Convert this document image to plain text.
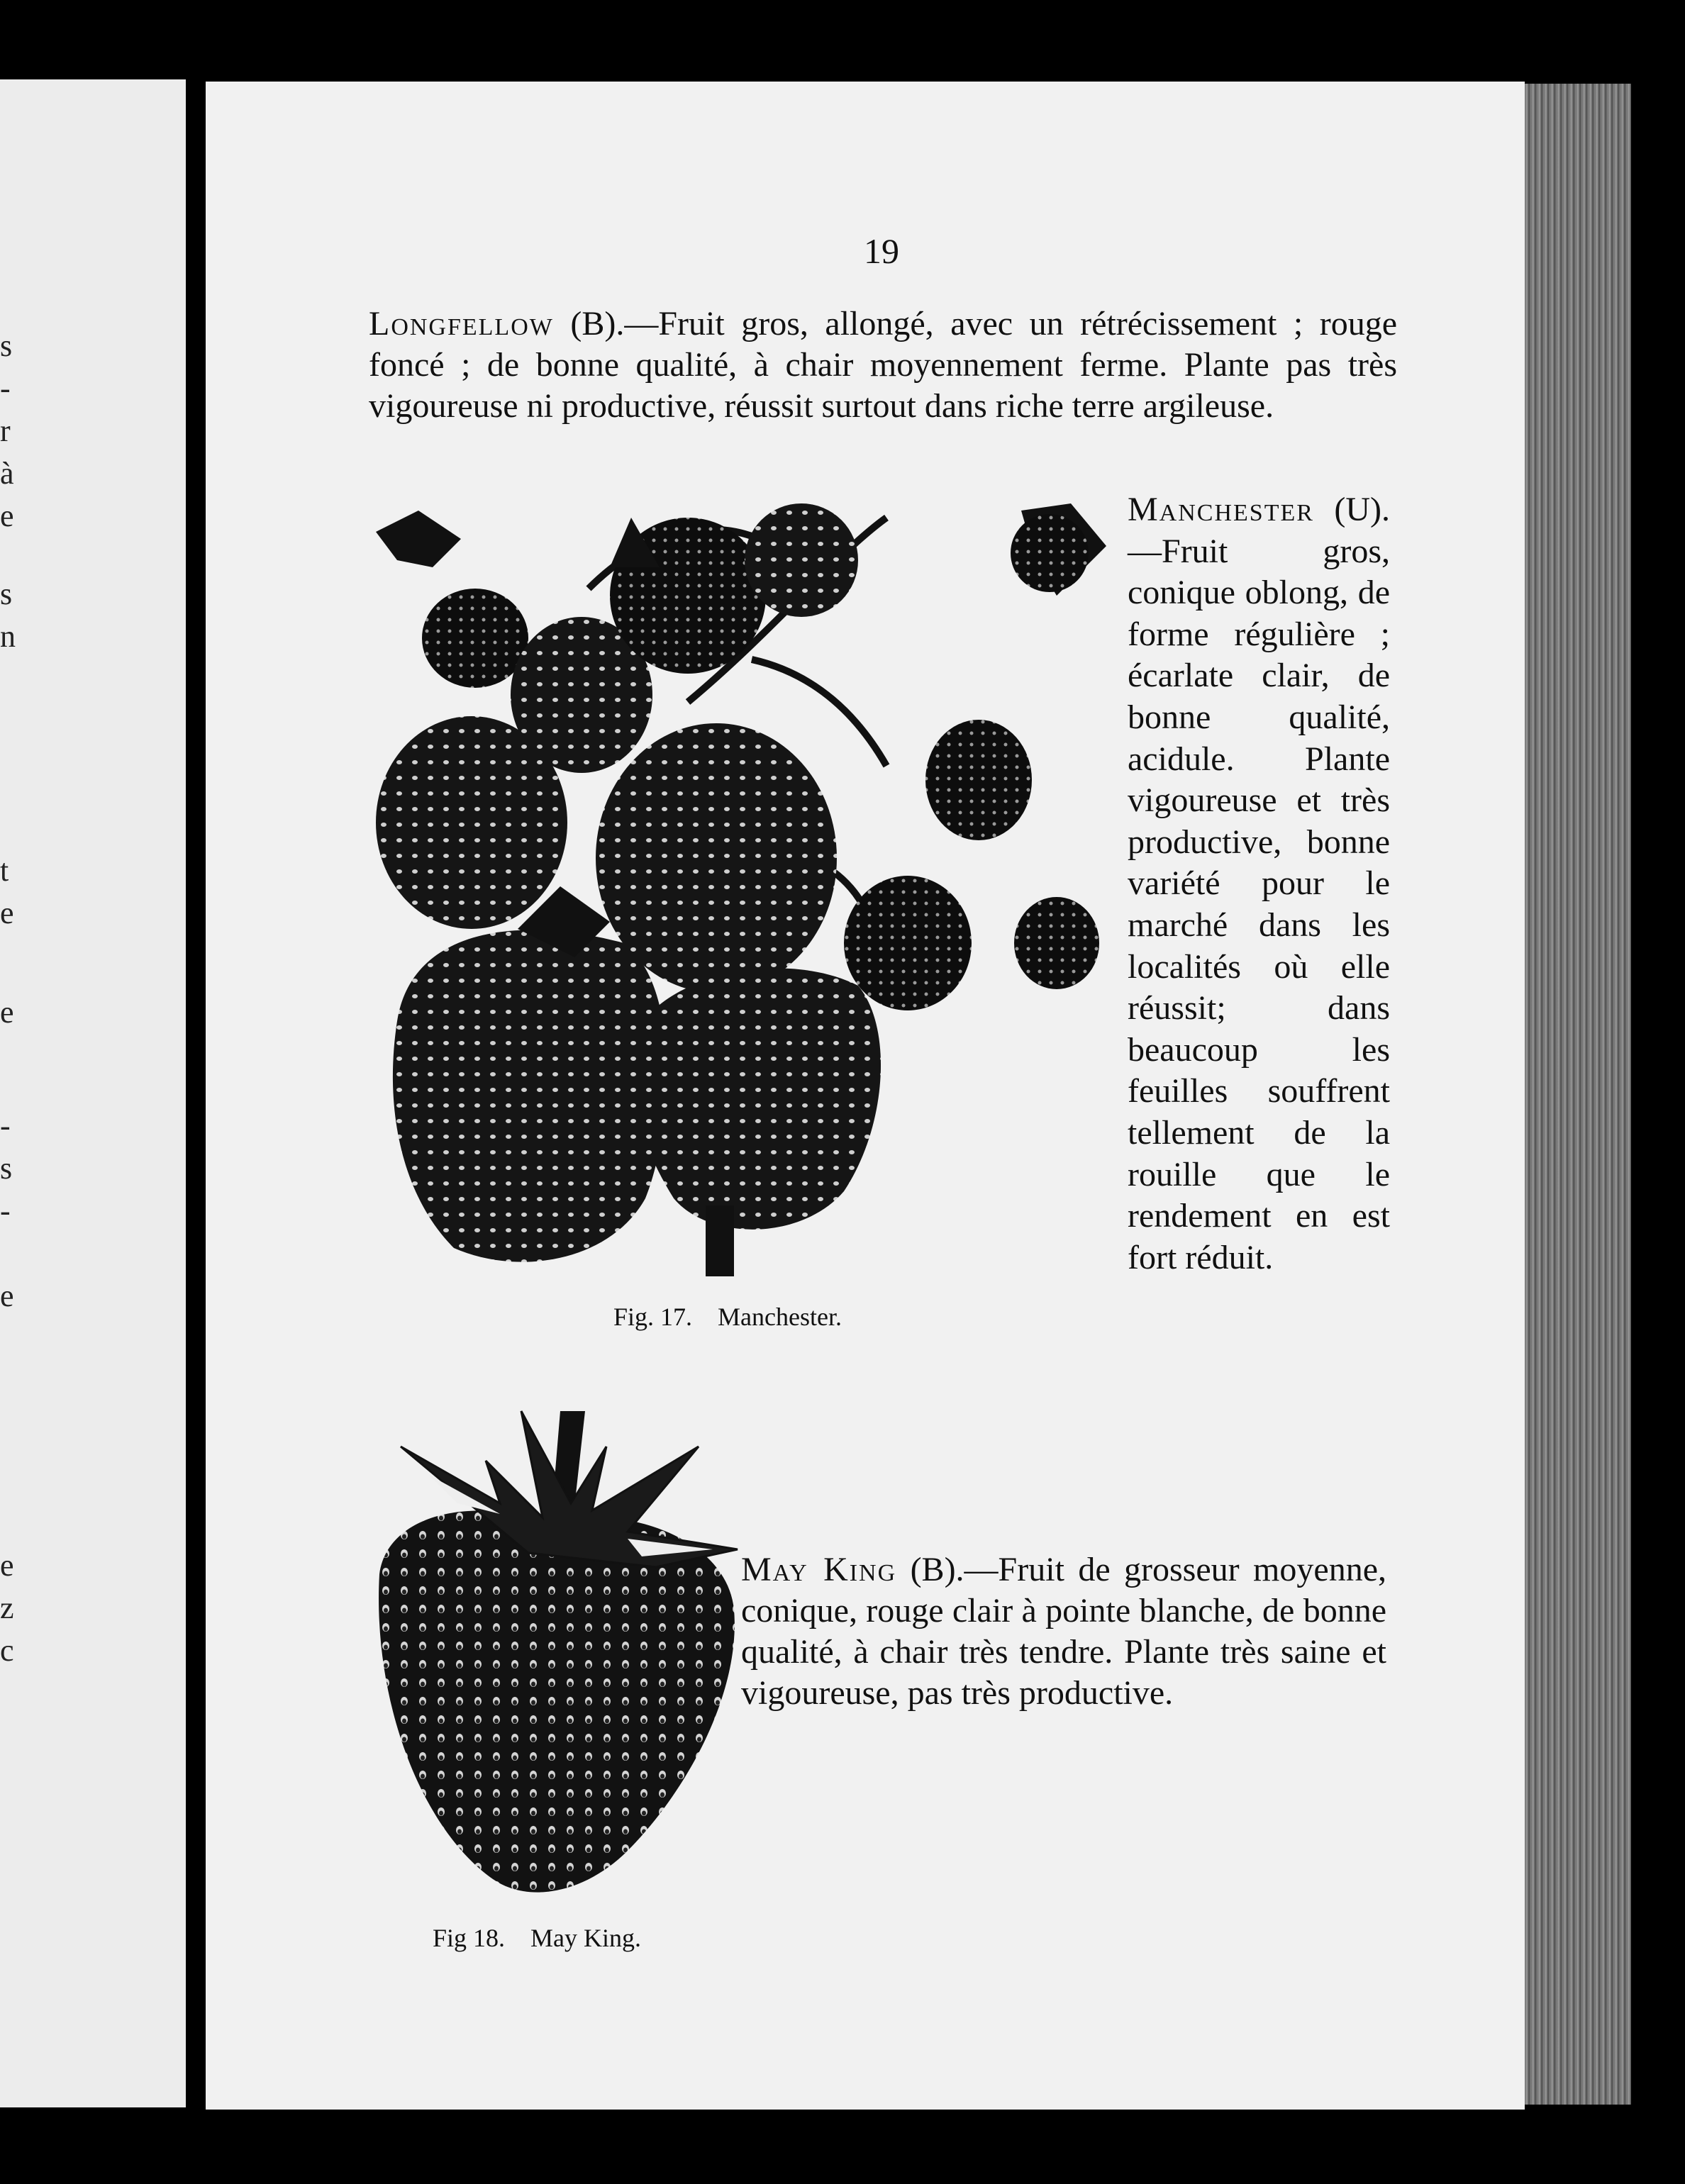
s
-
r
à
e
s
n
t
e
e
-
s
-
e
e
z
c
19

Longfellow (B).—Fruit gros, allongé, avec un rétrécissement ; rouge foncé ; de bonne qualité, à chair moyennement ferme. Plante pas très vigoureuse ni productive, réussit surtout dans riche terre argileuse.

Manchester (U).—Fruit gros, conique oblong, de forme régulière ; écarlate clair, de bonne qualité, acidule. Plante vigoureuse et très productive, bonne variété pour le marché dans les localités où elle réussit; dans beaucoup les feuilles souffrent tellement de la rouille que le rendement en est fort réduit.

Fig. 17. Manchester.

May King (B).—Fruit de grosseur moyenne, conique, rouge clair à pointe blanche, de bonne qualité, à chair très tendre. Plante très saine et vigoureuse, pas très productive.

Fig 18. May King.
